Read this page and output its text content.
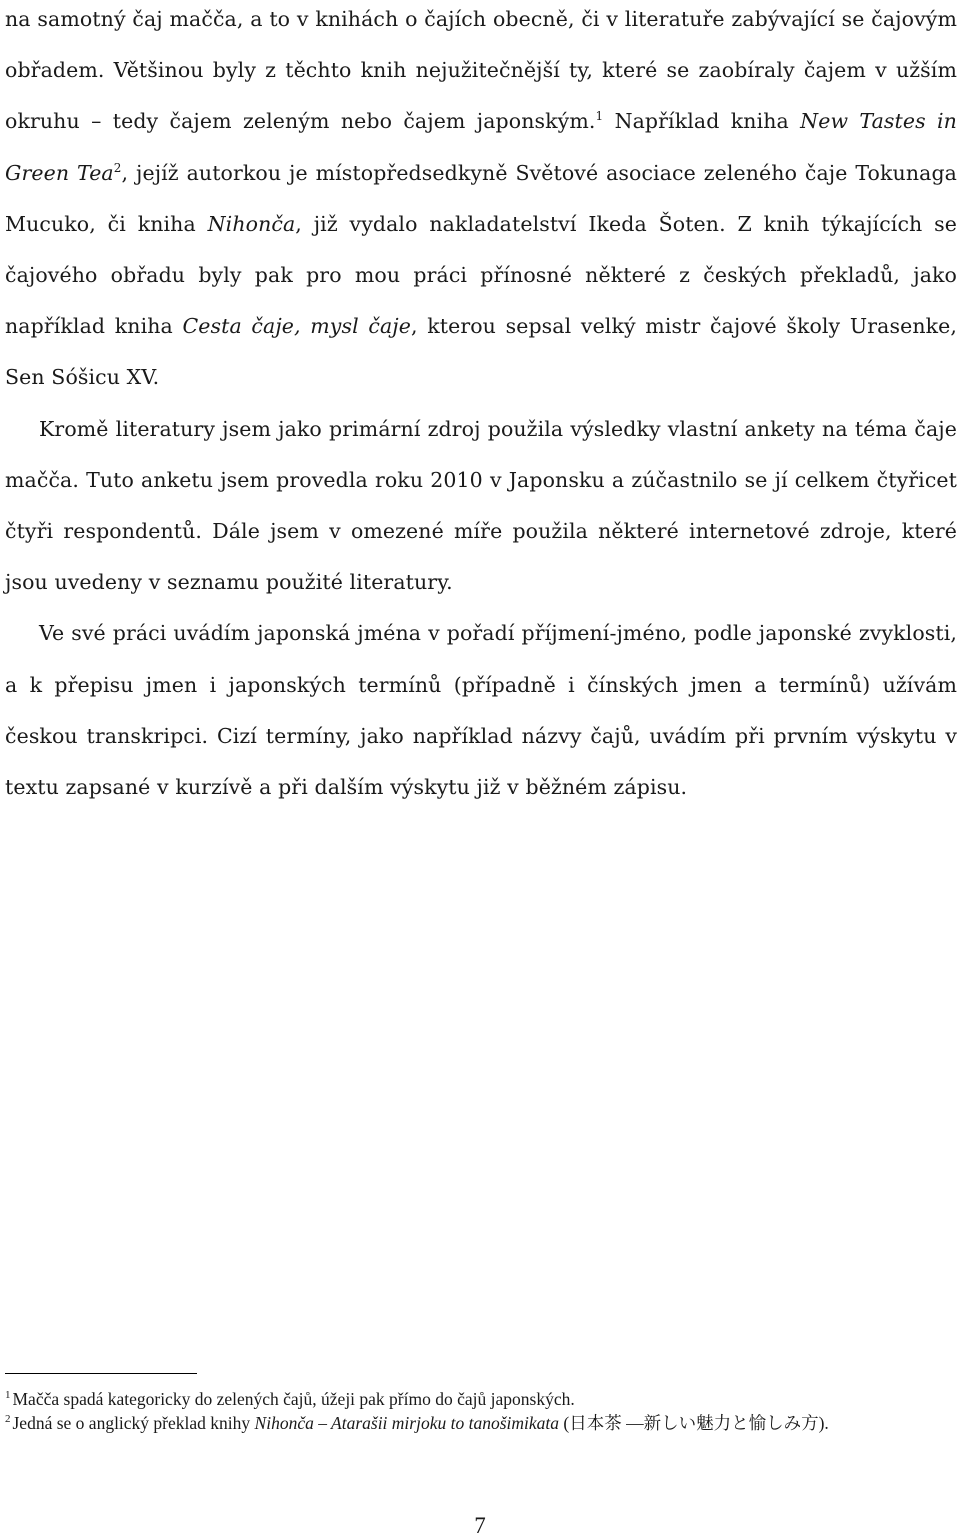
na samotný čaj mačča, a to v knihách o čajích obecně, či v literatuře zabývající se čajovým obřadem. Většinou byly z těchto knih nejužitečnější ty, které se zaobíraly čajem v užším okruhu – tedy čajem zeleným nebo čajem japonským.$^1$ Například kniha New Tastes in Green Tea$^2$, jejíž autorkou je místopředsedkyně Světové asociace zeleného čaje Tokunaga Mucuko, či kniha Nihonča, již vydalo nakladatelství Ikeda Šoten. Z knih týkajících se čajového obřadu byly pak pro mou práci přínosné některé z českých překladů, jako například kniha Cesta čaje, mysl čaje, kterou sepsal velký mistr čajové školy Urasenke, Sen Sóšicu XV.

Kromě literatury jsem jako primární zdroj použila výsledky vlastní ankety na téma čaje mačča. Tuto anketu jsem provedla roku 2010 v Japonsku a zúčastnilo se jí celkem čtyřicet čtyři respondentů. Dále jsem v omezené míře použila některé internetové zdroje, které jsou uvedeny v seznamu použité literatury.

Ve své práci uvádím japonská jména v pořadí příjmení-jméno, podle japonské zvyklosti, a k přepisu jmen i japonských termínů (případně i čínských jmen a termínů) užívám českou transkripci. Cizí termíny, jako například názvy čajů, uvádím při prvním výskytu v textu zapsané v kurzívě a při dalším výskytu již v běžném zápisu.

$^1$ Mačča spadá kategoricky do zelených čajů, úžeji pak přímo do čajů japonských.

$^2$ Jedná se o anglický překlad knihy Nihonča – Atarašii mirjoku to tanošimikata (日本茶 —新しい魅力と愉しみ方).

7
